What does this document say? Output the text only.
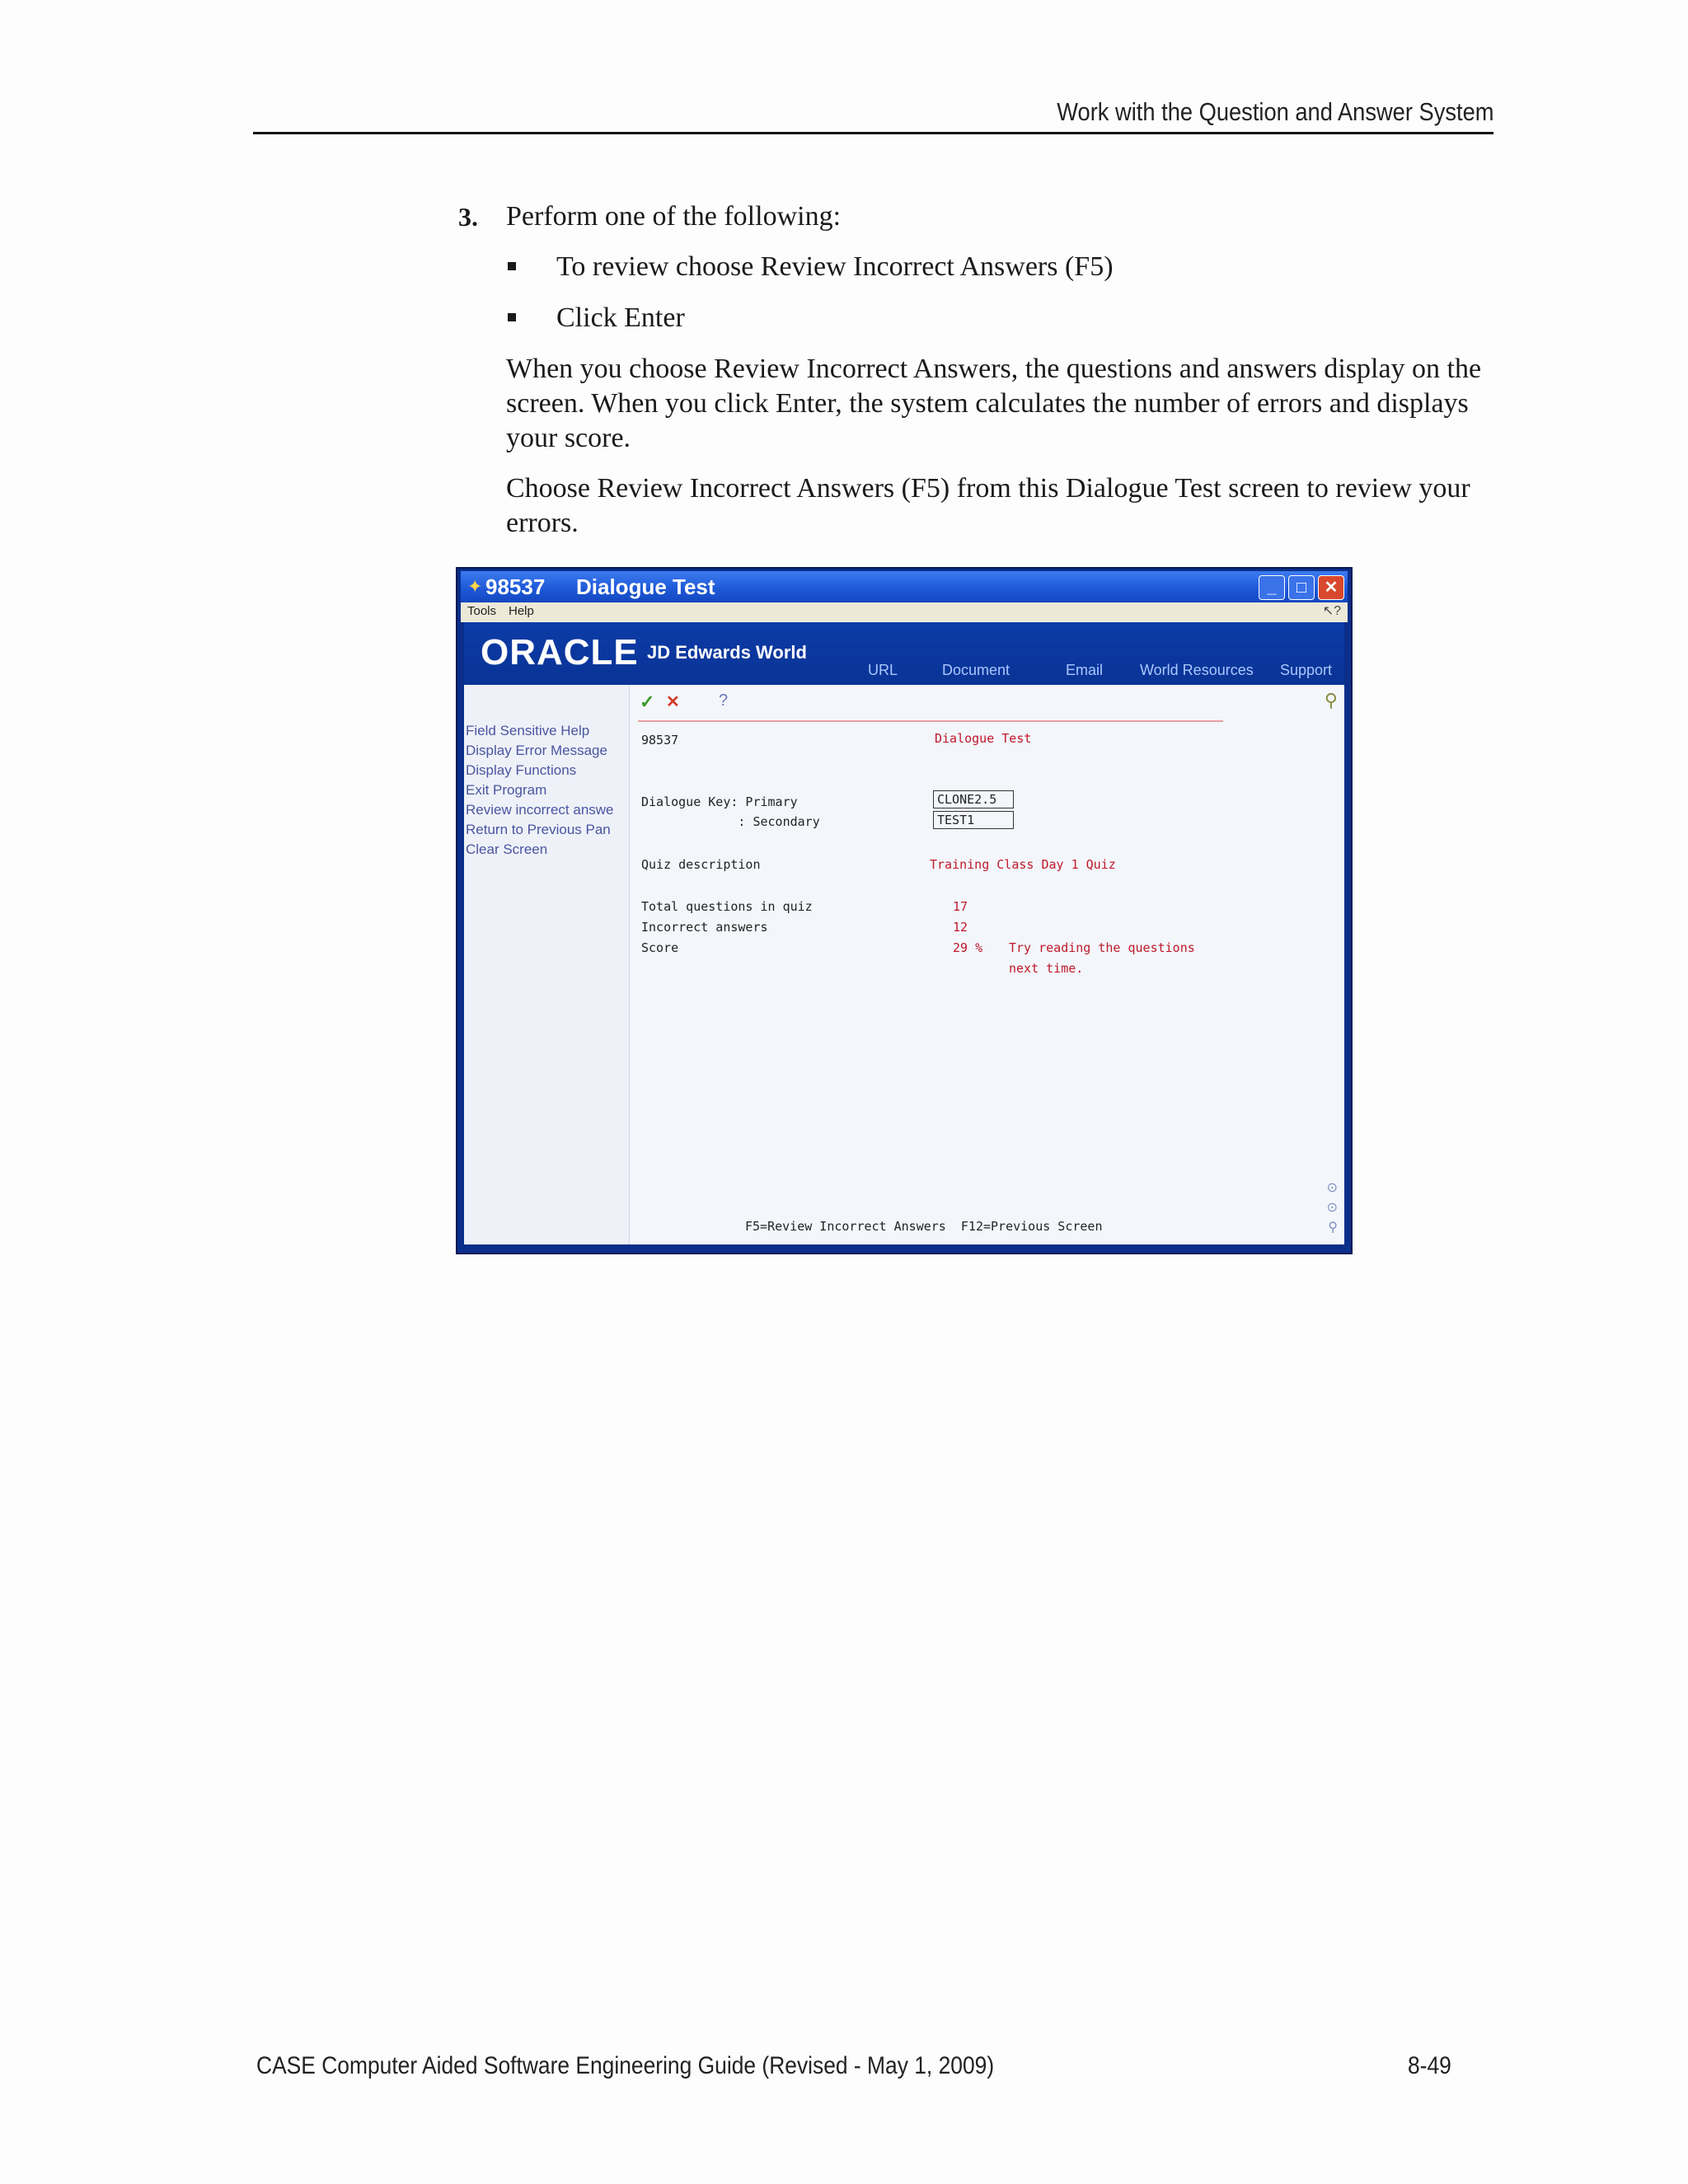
Work with the Question and Answer System
3. Perform one of the following:
To review choose Review Incorrect Answers (F5)
Click Enter
When you choose Review Incorrect Answers, the questions and answers display on the screen. When you click Enter, the system calculates the number of errors and displays your score.
Choose Review Incorrect Answers (F5) from this Dialogue Test screen to review your errors.
✦ 98537 Dialogue Test	_	□	✕
Tools Help	↖?
ORACLE JD Edwards World
URL	Document	Email World Resources Support
Field Sensitive Help
Display Error Message
Display Functions
Exit Program
Review incorrect answe
Return to Previous Pan
Clear Screen
✓ ✕ ?	⚲
98537	Dialogue Test
Dialogue Key: Primary	CLONE2.5
: Secondary	TEST1
Quiz description	Training Class Day 1 Quiz
Total questions in quiz	17
Incorrect answers	12
Score	29 % Try reading the questions
next time.
F5=Review Incorrect Answers  F12=Previous Screen
⊙
⊙
⚲
CASE Computer Aided Software Engineering Guide (Revised - May 1, 2009)	8-49
